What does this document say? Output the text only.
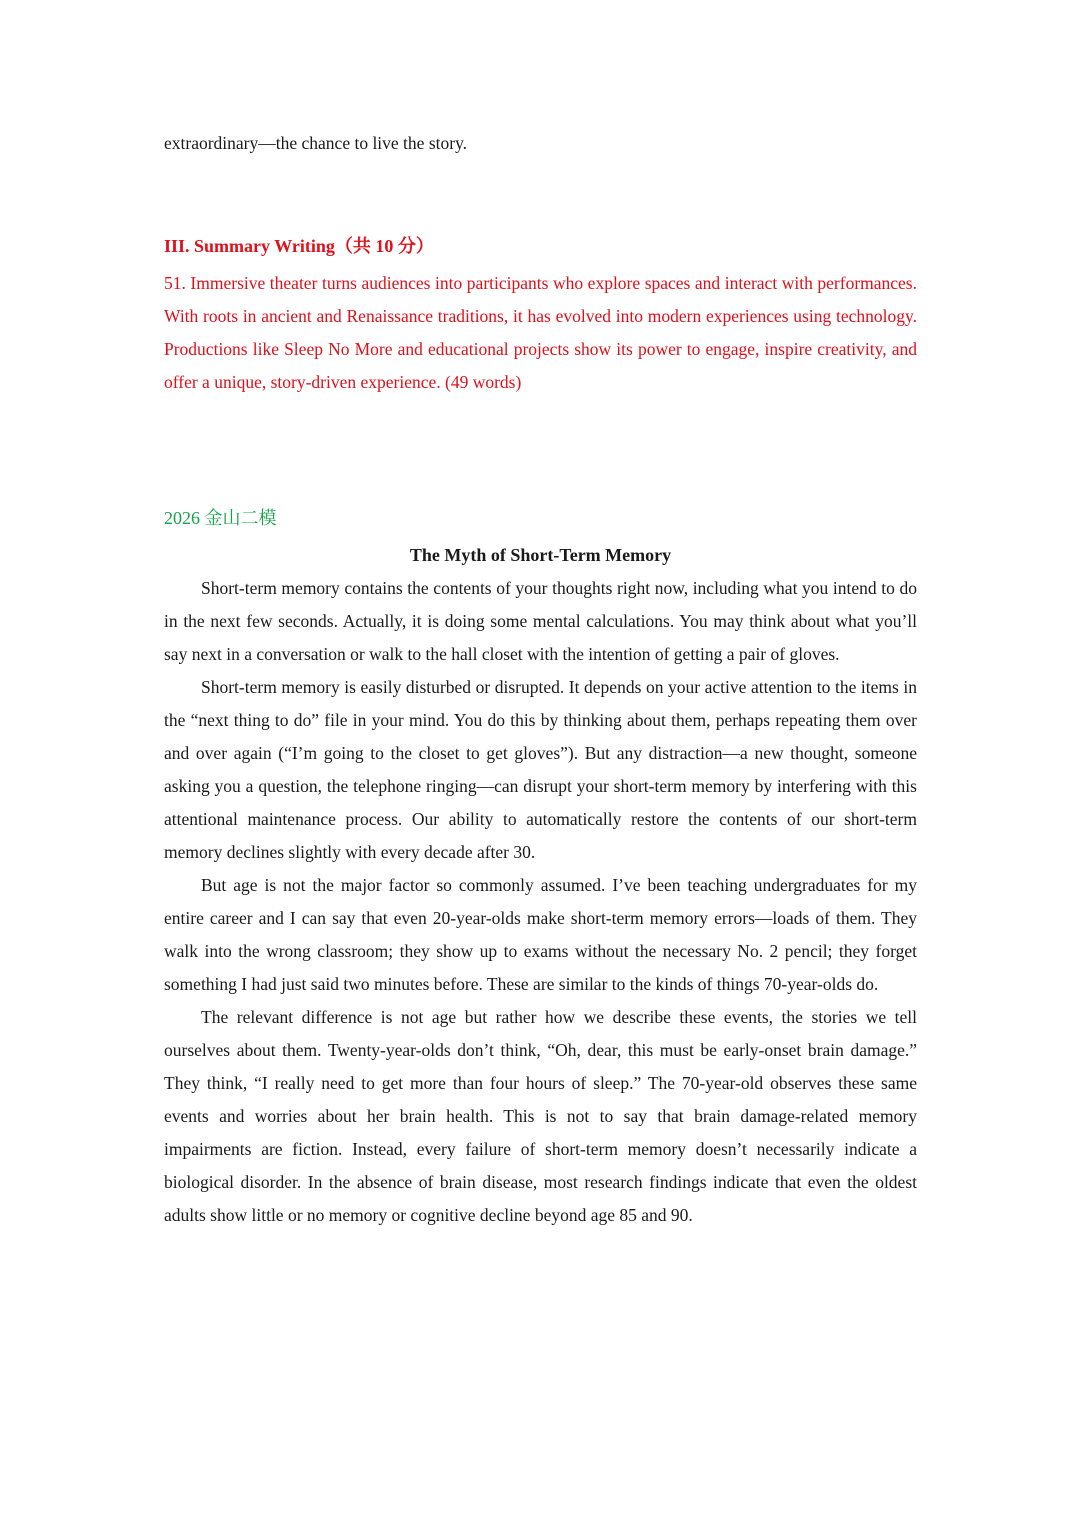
extraordinary—the chance to live the story.
III. Summary Writing（共 10 分）
51. Immersive theater turns audiences into participants who explore spaces and interact with performances. With roots in ancient and Renaissance traditions, it has evolved into modern experiences using technology. Productions like Sleep No More and educational projects show its power to engage, inspire creativity, and offer a unique, story-driven experience. (49 words)
2026 金山二模
The Myth of Short-Term Memory

Short-term memory contains the contents of your thoughts right now, including what you intend to do in the next few seconds. Actually, it is doing some mental calculations. You may think about what you’ll say next in a conversation or walk to the hall closet with the intention of getting a pair of gloves.

Short-term memory is easily disturbed or disrupted. It depends on your active attention to the items in the “next thing to do” file in your mind. You do this by thinking about them, perhaps repeating them over and over again (“I’m going to the closet to get gloves”). But any distraction—a new thought, someone asking you a question, the telephone ringing—can disrupt your short-term memory by interfering with this attentional maintenance process. Our ability to automatically restore the contents of our short-term memory declines slightly with every decade after 30.

But age is not the major factor so commonly assumed. I’ve been teaching undergraduates for my entire career and I can say that even 20-year-olds make short-term memory errors—loads of them. They walk into the wrong classroom; they show up to exams without the necessary No. 2 pencil; they forget something I had just said two minutes before. These are similar to the kinds of things 70-year-olds do.

The relevant difference is not age but rather how we describe these events, the stories we tell ourselves about them. Twenty-year-olds don’t think, “Oh, dear, this must be early-onset brain damage.” They think, “I really need to get more than four hours of sleep.” The 70-year-old observes these same events and worries about her brain health. This is not to say that brain damage-related memory impairments are fiction. Instead, every failure of short-term memory doesn’t necessarily indicate a biological disorder. In the absence of brain disease, most research findings indicate that even the oldest adults show little or no memory or cognitive decline beyond age 85 and 90.
